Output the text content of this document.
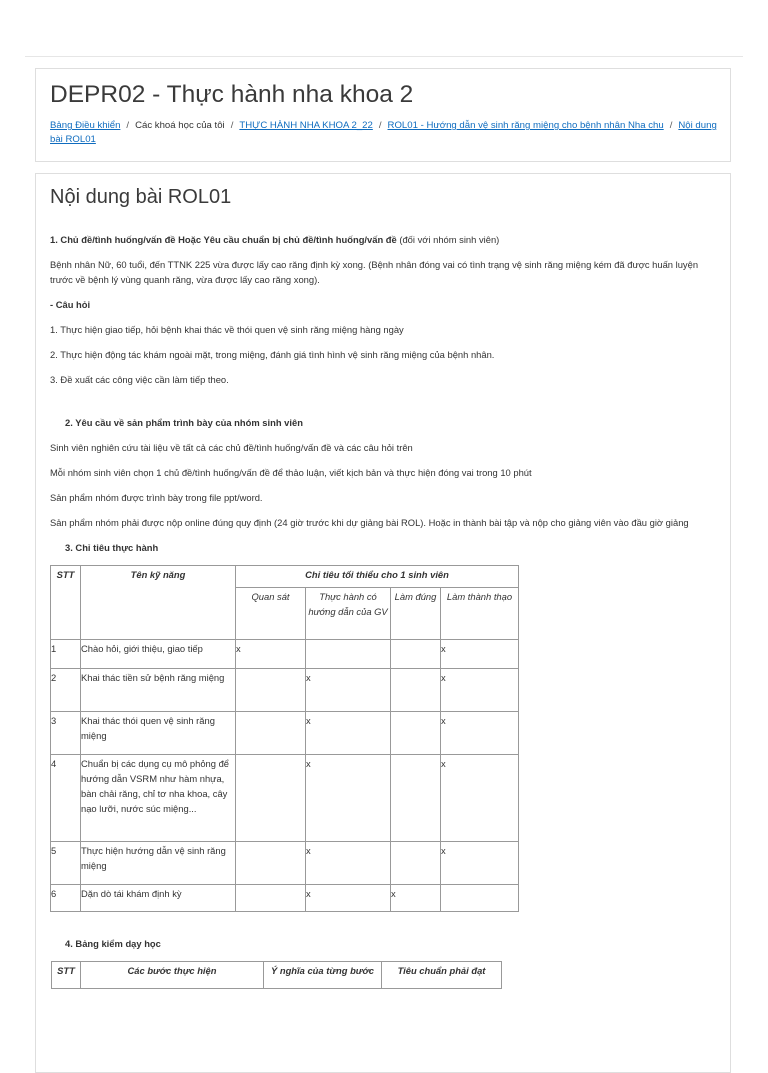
DEPR02 - Thực hành nha khoa 2
Bảng Điều khiển / Các khoá học của tôi / THỰC HÀNH NHA KHOA 2_22 / ROL01 - Hướng dẫn vệ sinh răng miệng cho bệnh nhân Nha chu / Nội dung bài ROL01
Nội dung bài ROL01

1. Chủ đề/tình huống/vấn đề Hoặc Yêu cầu chuẩn bị chủ đề/tình huống/vấn đề (đối với nhóm sinh viên)

Bệnh nhân Nữ, 60 tuổi, đến TTNK 225 vừa được lấy cao răng định kỳ xong. (Bệnh nhân đóng vai có tình trạng vệ sinh răng miệng kém đã được huấn luyện trước về bệnh lý vùng quanh răng, vừa được lấy cao răng xong).

- Câu hỏi

1. Thực hiện giao tiếp, hỏi bệnh khai thác về thói quen vệ sinh răng miệng hàng ngày

2. Thực hiện động tác khám ngoài mặt, trong miệng, đánh giá tình hình vệ sinh răng miệng của bệnh nhân.

3. Đề xuất các công việc cần làm tiếp theo.

2. Yêu cầu về sản phẩm trình bày của nhóm sinh viên

Sinh viên nghiên cứu tài liệu về tất cả các chủ đề/tình huống/vấn đề và các câu hỏi trên

Mỗi nhóm sinh viên chọn 1 chủ đề/tình huống/vấn đề để thảo luận, viết kịch bản và thực hiện đóng vai trong 10 phút

Sản phẩm nhóm được trình bày trong file ppt/word.

Sản phẩm nhóm phải được nộp online đúng quy định (24 giờ trước khi dự giảng bài ROL). Hoặc in thành bài tập và nộp cho giảng viên vào đầu giờ giảng

3. Chỉ tiêu thực hành

STT	Tên kỹ năng	Chỉ tiêu tối thiểu cho 1 sinh viên			
		Quan sát	Thực hành có hướng dẫn của GV	Làm đúng	Làm thành thạo
1	Chào hỏi, giới thiệu, giao tiếp	x			x
2	Khai thác tiền sử bệnh răng miệng		x		x
3	Khai thác thói quen vệ sinh răng miệng		x		x
4	Chuẩn bị các dụng cụ mô phỏng để hướng dẫn VSRM như hàm nhựa, bàn chải răng, chỉ tơ nha khoa, cây nạo lưỡi, nước súc miệng...		x		x
5	Thực hiện hướng dẫn vệ sinh răng miệng		x		x
6	Dặn dò tái khám định kỳ		x	x	

4. Bảng kiểm dạy học

STT	Các bước thực hiện	Ý nghĩa của từng bước	Tiêu chuẩn phải đạt
